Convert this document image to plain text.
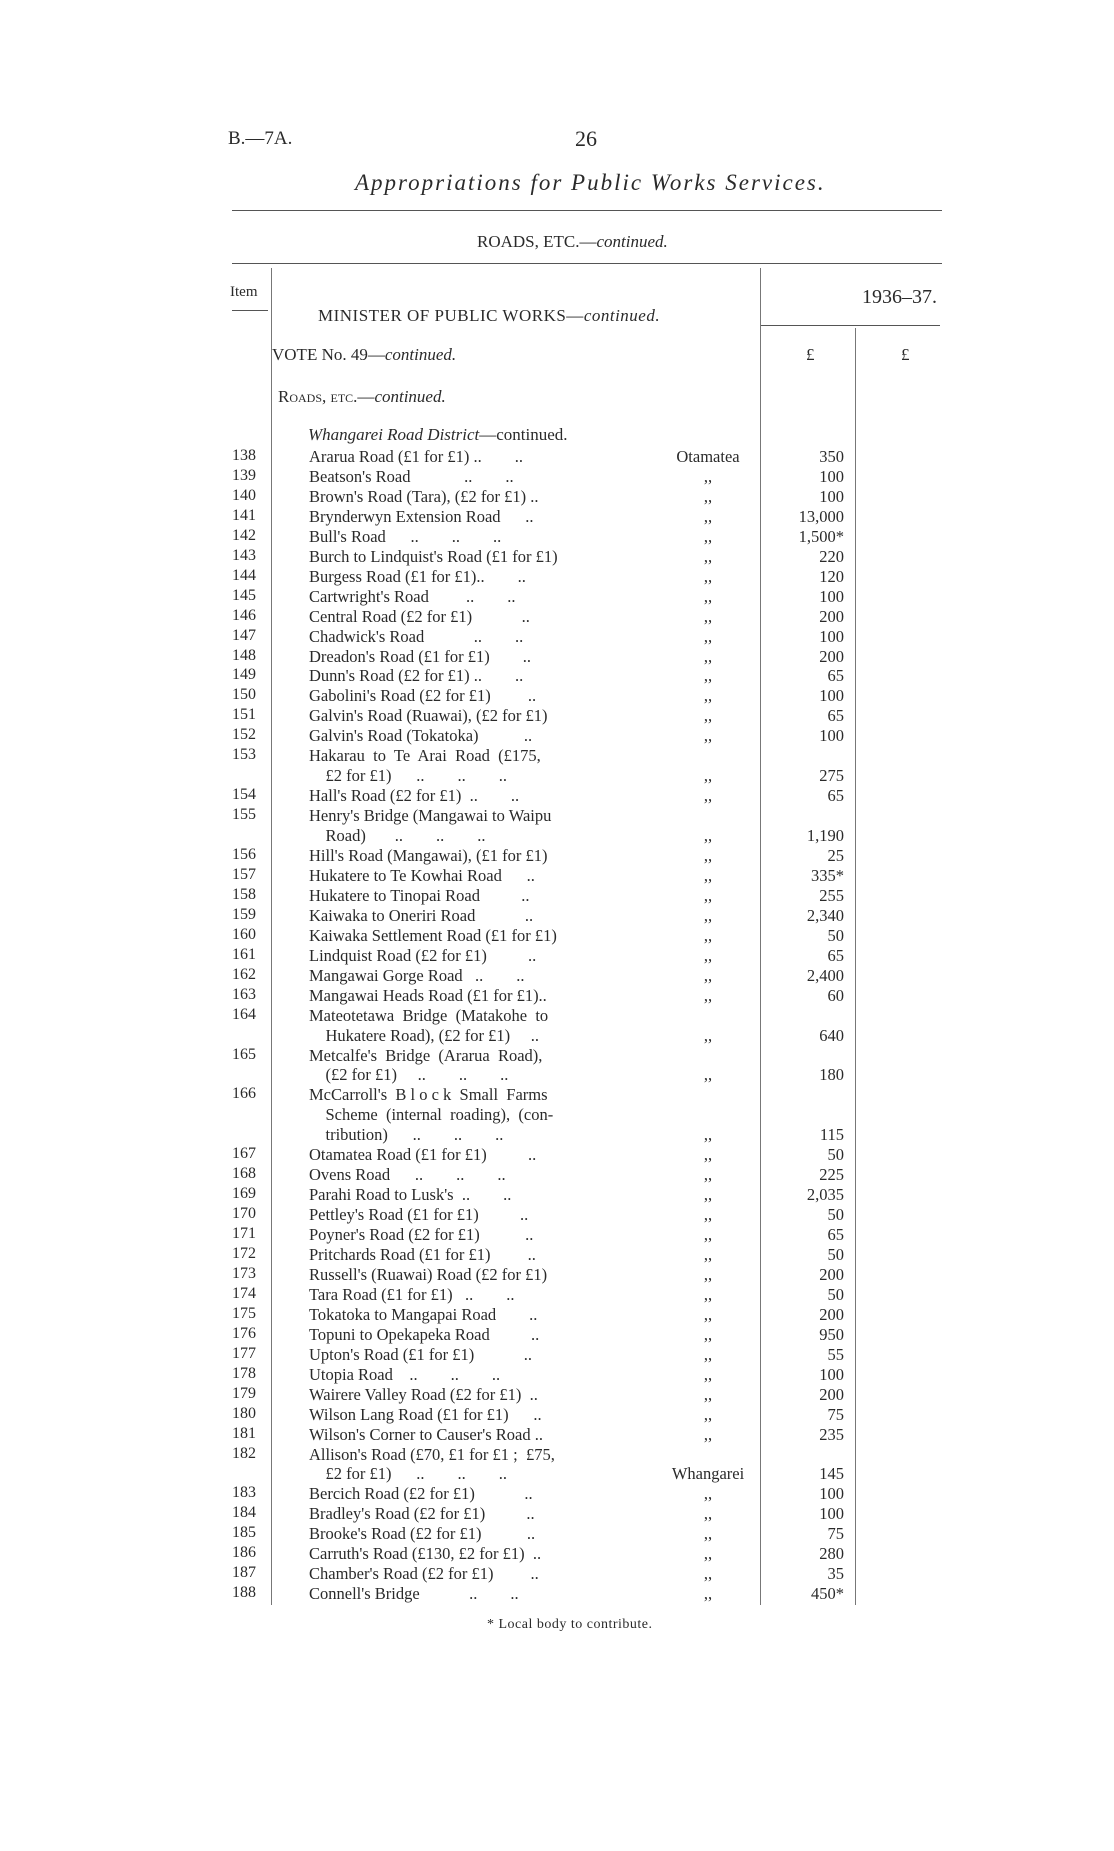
B.—7A.	26
Appropriations for Public Works Services.
ROADS, ETC.—continued.
Item	1936–37.
MINISTER OF PUBLIC WORKS—continued.
VOTE No. 49—continued.	£	£
Roads, etc.—continued.
Whangarei Road District—continued.
138	Ararua Road (£1 for £1) ..        ..	Otamatea	350
139	Beatson's Road             ..        ..	,,	100
140	Brown's Road (Tara), (£2 for £1) ..	,,	100
141	Brynderwyn Extension Road      ..	,,	13,000
142	Bull's Road      ..        ..        ..	,,	1,500*
143	Burch to Lindquist's Road (£1 for £1)	,,	220
144	Burgess Road (£1 for £1)..        ..	,,	120
145	Cartwright's Road         ..        ..	,,	100
146	Central Road (£2 for £1)            ..	,,	200
147	Chadwick's Road            ..        ..	,,	100
148	Dreadon's Road (£1 for £1)        ..	,,	200
149	Dunn's Road (£2 for £1) ..        ..	,,	65
150	Gabolini's Road (£2 for £1)         ..	,,	100
151	Galvin's Road (Ruawai), (£2 for £1)	,,	65
152	Galvin's Road (Tokatoka)           ..	,,	100
153	Hakarau  to  Te  Arai  Road  (£175,
£2 for £1)      ..        ..        ..	,,	275
154	Hall's Road (£2 for £1)  ..        ..	,,	65
155	Henry's Bridge (Mangawai to Waipu
Road)       ..        ..        ..	,,	1,190
156	Hill's Road (Mangawai), (£1 for £1)	,,	25
157	Hukatere to Te Kowhai Road      ..	,,	335*
158	Hukatere to Tinopai Road          ..	,,	255
159	Kaiwaka to Oneriri Road            ..	,,	2,340
160	Kaiwaka Settlement Road (£1 for £1)	,,	50
161	Lindquist Road (£2 for £1)          ..	,,	65
162	Mangawai Gorge Road   ..        ..	,,	2,400
163	Mangawai Heads Road (£1 for £1)..	,,	60
164	Mateotetawa  Bridge  (Matakohe  to
Hukatere Road), (£2 for £1)     ..	,,	640
165	Metcalfe's  Bridge  (Ararua  Road),
(£2 for £1)     ..        ..        ..	,,	180
166	McCarroll's  B l o c k  Small  Farms
Scheme  (internal  roading),  (con-
tribution)      ..        ..        ..	,,	115
167	Otamatea Road (£1 for £1)          ..	,,	50
168	Ovens Road      ..        ..        ..	,,	225
169	Parahi Road to Lusk's  ..        ..	,,	2,035
170	Pettley's Road (£1 for £1)          ..	,,	50
171	Poyner's Road (£2 for £1)           ..	,,	65
172	Pritchards Road (£1 for £1)         ..	,,	50
173	Russell's (Ruawai) Road (£2 for £1)	,,	200
174	Tara Road (£1 for £1)   ..        ..	,,	50
175	Tokatoka to Mangapai Road        ..	,,	200
176	Topuni to Opekapeka Road          ..	,,	950
177	Upton's Road (£1 for £1)            ..	,,	55
178	Utopia Road    ..        ..        ..	,,	100
179	Wairere Valley Road (£2 for £1)  ..	,,	200
180	Wilson Lang Road (£1 for £1)      ..	,,	75
181	Wilson's Corner to Causer's Road ..	,,	235
182	Allison's Road (£70, £1 for £1 ;  £75,
£2 for £1)      ..        ..        ..	Whangarei	145
183	Bercich Road (£2 for £1)            ..	,,	100
184	Bradley's Road (£2 for £1)          ..	,,	100
185	Brooke's Road (£2 for £1)           ..	,,	75
186	Carruth's Road (£130, £2 for £1)  ..	,,	280
187	Chamber's Road (£2 for £1)         ..	,,	35
188	Connell's Bridge            ..        ..	,,	450*
* Local body to contribute.
